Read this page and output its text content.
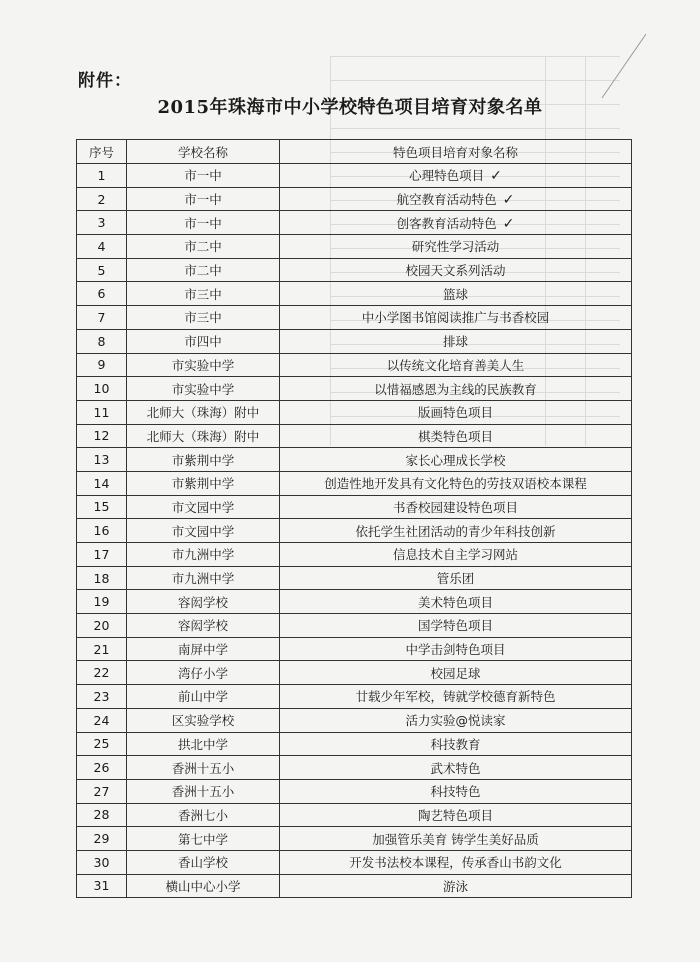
附件：
2015年珠海市中小学校特色项目培育对象名单
序号	学校名称	特色项目培育对象名称
1	市一中	心理特色项目 ✓
2	市一中	航空教育活动特色 ✓
3	市一中	创客教育活动特色 ✓
4	市二中	研究性学习活动
5	市二中	校园天文系列活动
6	市三中	篮球
7	市三中	中小学图书馆阅读推广与书香校园
8	市四中	排球
9	市实验中学	以传统文化培育善美人生
10	市实验中学	以惜福感恩为主线的民族教育
11	北师大（珠海）附中	版画特色项目
12	北师大（珠海）附中	棋类特色项目
13	市紫荆中学	家长心理成长学校
14	市紫荆中学	创造性地开发具有文化特色的劳技双语校本课程
15	市文园中学	书香校园建设特色项目
16	市文园中学	依托学生社团活动的青少年科技创新
17	市九洲中学	信息技术自主学习网站
18	市九洲中学	管乐团
19	容闳学校	美术特色项目
20	容闳学校	国学特色项目
21	南屏中学	中学击剑特色项目
22	湾仔小学	校园足球
23	前山中学	廿载少年军校，铸就学校德育新特色
24	区实验学校	活力实验@悦读家
25	拱北中学	科技教育
26	香洲十五小	武术特色
27	香洲十五小	科技特色
28	香洲七小	陶艺特色项目
29	第七中学	加强管乐美育 铸学生美好品质
30	香山学校	开发书法校本课程，传承香山书韵文化
31	横山中心小学	游泳
